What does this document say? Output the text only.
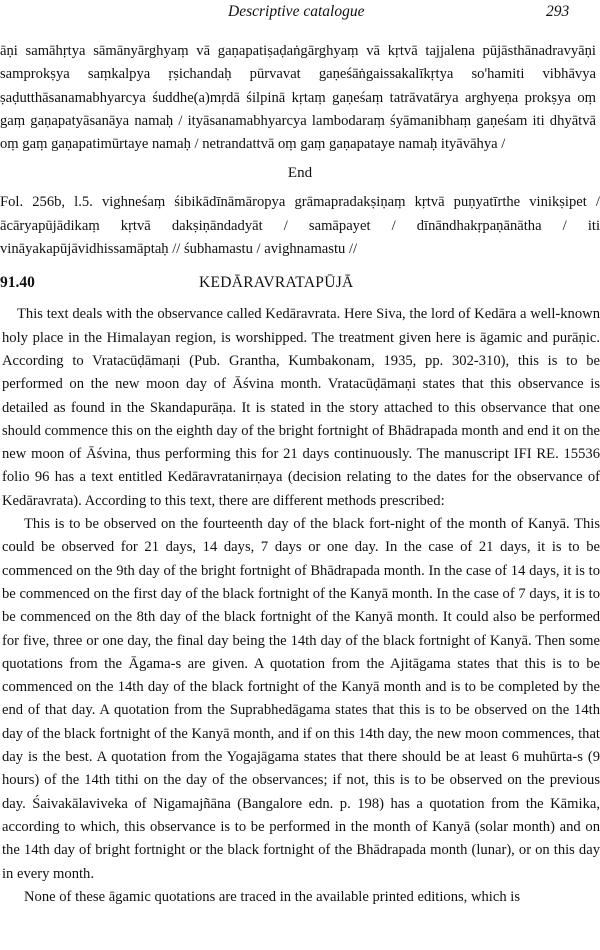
Descriptive catalogue	293

āṇi samāhṛtya sāmānyārghyaṃ vā gaṇapatiṣaḍaṅgārghyaṃ vā kṛtvā tajjalena pūjāsthānadravyāṇi samprokṣya saṃkalpya ṛṣichandaḥ pūrvavat gaṇeśāṅgaissakalīkṛtya so'hamiti vibhāvya ṣaḍutthāsanamabhyarcya śuddhe(a)mṛdā śilpinā kṛtaṃ gaṇeśaṃ tatrāvatārya arghyeṇa prokṣya oṃ gaṃ gaṇapatyāsanāya namaḥ / ityāsanamabhyarcya lambodaraṃ śyāmanibhaṃ gaṇeśam iti dhyātvā oṃ gaṃ gaṇapatimūrtaye namaḥ / netrandattvā oṃ gaṃ gaṇapataye namaḥ ityāvāhya /

End

Fol. 256b, l.5. vighneśaṃ śibikādīnāmāropya grāmapradakṣiṇaṃ kṛtvā puṇyatīrthe vinikṣipet / ācāryapūjādikaṃ kṛtvā dakṣiṇāndadyāt / samāpayet / dīnāndhakṛpaṇānātha / iti vināyakapūjāvidhissamāptaḥ // śubhamastu / avighnamastu //

91.40	KEDĀRAVRATAPŪJĀ

This text deals with the observance called Kedāravrata. Here Siva, the lord of Kedāra a well-known holy place in the Himalayan region, is worshipped. The treatment given here is āgamic and purāṇic. According to Vratacūḍāmaṇi (Pub. Grantha, Kumbakonam, 1935, pp. 302-310), this is to be performed on the new moon day of Āśvina month. Vratacūḍāmaṇi states that this observance is detailed as found in the Skandapurāṇa. It is stated in the story attached to this observance that one should commence this on the eighth day of the bright fortnight of Bhādrapada month and end it on the new moon of Āśvina, thus performing this for 21 days continuously. The manuscript IFI RE. 15536 folio 96 has a text entitled Kedāravratanirṇaya (decision relating to the dates for the observance of Kedāravrata). According to this text, there are different methods prescribed:

This is to be observed on the fourteenth day of the black fort-night of the month of Kanyā. This could be observed for 21 days, 14 days, 7 days or one day. In the case of 21 days, it is to be commenced on the 9th day of the bright fortnight of Bhādrapada month. In the case of 14 days, it is to be commenced on the first day of the black fortnight of the Kanyā month. In the case of 7 days, it is to be commenced on the 8th day of the black fortnight of the Kanyā month. It could also be performed for five, three or one day, the final day being the 14th day of the black fortnight of Kanyā. Then some quotations from the Āgama-s are given. A quotation from the Ajitāgama states that this is to be commenced on the 14th day of the black fortnight of the Kanyā month and is to be completed by the end of that day. A quotation from the Suprabhedāgama states that this is to be observed on the 14th day of the black fortnight of the Kanyā month, and if on this 14th day, the new moon commences, that day is the best. A quotation from the Yogajāgama states that there should be at least 6 muhūrta-s (9 hours) of the 14th tithi on the day of the observances; if not, this is to be observed on the previous day. Śaivakālaviveka of Nigamajñāna (Bangalore edn. p. 198) has a quotation from the Kāmika, according to which, this observance is to be performed in the month of Kanyā (solar month) and on the 14th day of bright fortnight or the black fortnight of the Bhādrapada month (lunar), or on this day in every month.

None of these āgamic quotations are traced in the available printed editions, which is
